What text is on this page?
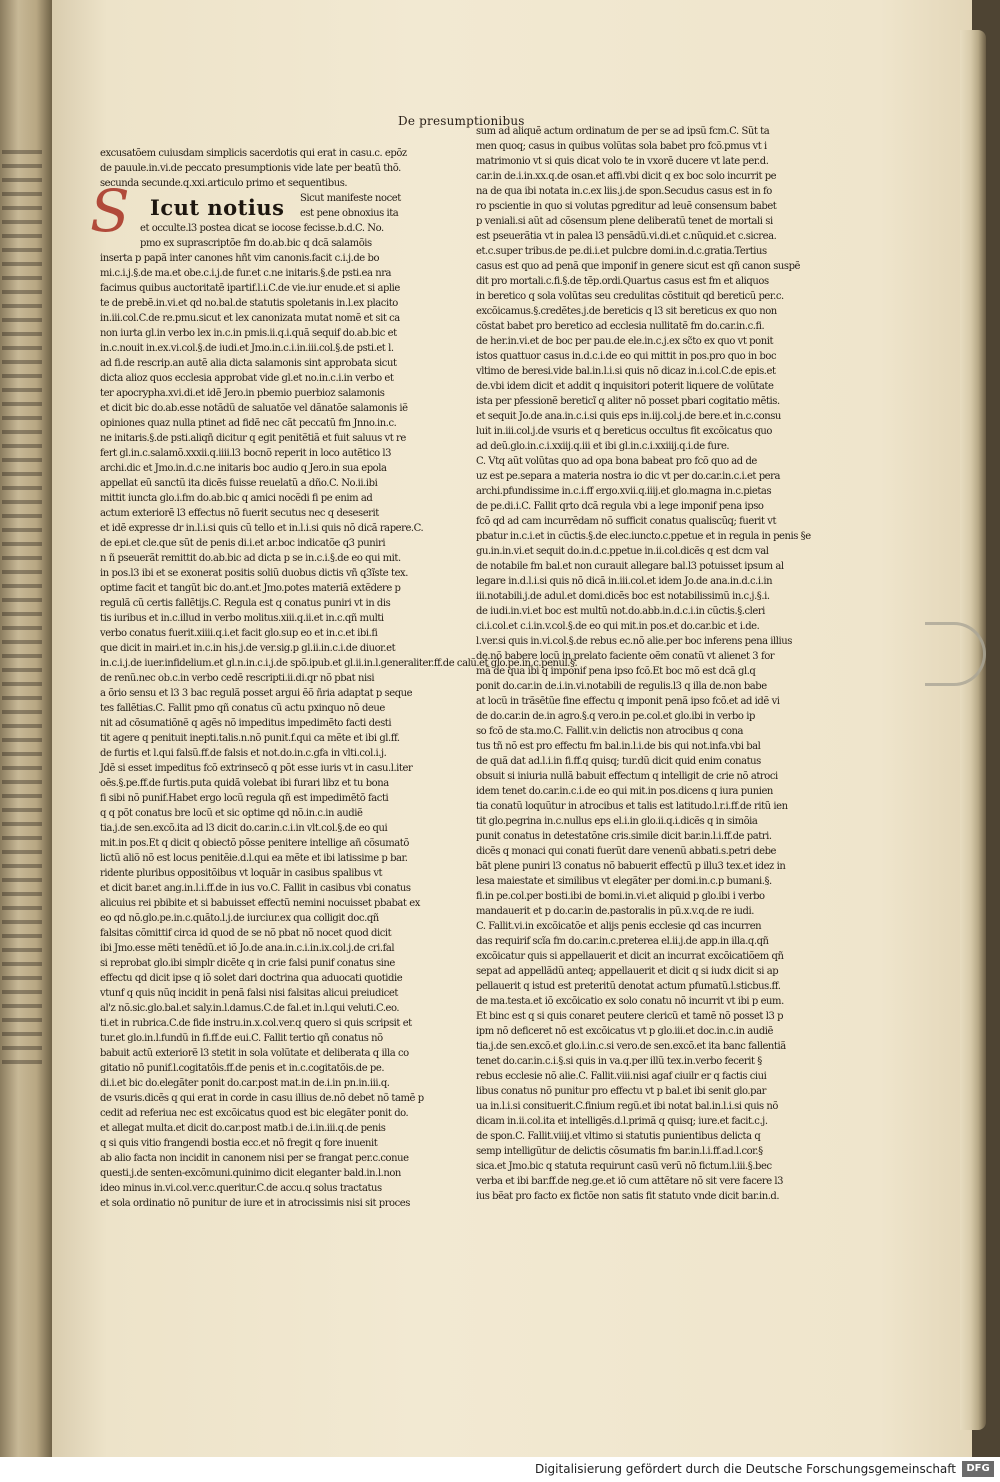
De presumptionibus
S Icut notius
excusatõem cuiusdam simplicis sacerdotis qui erat in casu.c. epõz
de pauule.in.vi.de peccato presumptionis vide late per beatũ thõ.
secunda secunde.q.xxi.articulo primo et sequentibus.
Sicut manifeste nocet
est pene obnoxius ita
et occulte.l3 postea dicat se iocose fecisse.b.d.C. No.
pmo ex suprascriptõe fm do.ab.bic q dcã salamõis
inserta p papã inter canones hñt vim canonis.facit c.i.j.de bo
mi.c.i.j.§.de ma.et obe.c.i.j.de fur.et c.ne initaris.§.de psti.ea nra
facimus quibus auctoritatẽ ipartif.l.i.C.de vie.iur enude.et si aplie
te de prebẽ.in.vi.et qd no.bal.de statutis spoletanis in.l.ex placito
in.iii.col.C.de re.pmu.sicut et lex canonizata mutat nomẽ et sit ca
non iurta gl.in verbo lex in.c.in pmis.ii.q.i.quã sequif do.ab.bic et
in.c.nouit in.ex.vi.col.§.de iudi.et Jmo.in.c.i.in.iii.col.§.de psti.et l.
ad fi.de rescrip.an autẽ alia dicta salamonis sint approbata sicut
dicta alioz quos ecclesia approbat vide gl.et no.in.c.i.in verbo et
ter apocrypha.xvi.di.et idẽ Jero.in pbemio puerbioz salamonis
et dicit bic do.ab.esse notãdũ de saluatõe vel dãnatõe salamonis iẽ
opiniones quaz nulla ptinet ad fidẽ nec cãt peccatũ fm Jnno.in.c.
ne initaris.§.de psti.aliqñ dicitur q egit penitẽtiã et fuit saluus vt re
fert gl.in.c.salamõ.xxxii.q.iiii.l3 bocnõ reperit in loco autẽtico l3
archi.dic et Jmo.in.d.c.ne initaris boc audio q Jero.in sua epola
appellat eũ sanctũ ita dicẽs fuisse reuelatũ a dño.C. No.ii.ibi
mittit iuncta glo.i.fm do.ab.bic q amici nocẽdi fi pe enim ad
actum exteriorẽ l3 effectus nõ fuerit secutus nec q deseserit
et idẽ expresse dr in.l.i.si quis cũ tello et in.l.i.si quis nõ dicã rapere.C.
de epi.et cle.que sũt de penis di.i.et ar.boc indicatõe q3 puniri
n ñ pseuerãt remittit do.ab.bic ad dicta p se in.c.i.§.de eo qui mit.
in pos.l3 ibi et se exonerat positis soliũ duobus dictis vñ q3ĩste tex.
optime facit et tangũt bic do.ant.et Jmo.potes materiã extẽdere p
regulã cũ certis fallẽtijs.C. Regula est q conatus puniri vt in dis
tis iuribus et in.c.illud in verbo molitus.xiii.q.ii.et in.c.qñ multi
verbo conatus fuerit.xiiii.q.i.et facit glo.sup eo et in.c.et ibi.fi
que dicit in mairi.et in.c.in his.j.de ver.sig.p gl.ii.in.c.i.de diuor.et
in.c.i.j.de iuer.infidelium.et gl.n.in.c.i.j.de spõ.ipub.et gl.ii.in.l.generaliter.ff.de calũ.et glo.pe.in.c.penul.§.
de renũ.nec ob.c.in verbo cedẽ rescripti.ii.di.qr nõ pbat nisi
a õrio sensu et l3 3 bac regulã posset argui ẽõ ñria adaptat p seque
tes fallẽtias.C. Fallit pmo qñ conatus cũ actu pxinquo nõ deue
nit ad cõsumatiõnẽ q agẽs nõ impeditus impedimẽto facti desti
tit agere q penituit inepti.talis.n.nõ punit.f.qui ca mẽte et ibi gl.ff.
de furtis et l.qui falsũ.ff.de falsis et not.do.in.c.gfa in vlti.col.i.j.
Jdẽ si esset impeditus fcõ extrinsecõ q põt esse iuris vt in casu.l.iter
oẽs.§.pe.ff.de furtis.puta quidã volebat ibi furari libz et tu bona
fi sibi nõ punif.Habet ergo locũ regula qñ est impedimẽtõ facti
q q põt conatus bre locũ et sic optime qd nõ.in.c.in audiẽ
tia.j.de sen.excõ.ita ad l3 dicit do.car.in.c.i.in vlt.col.§.de eo qui
mit.in pos.Et q dicit q obiectõ põsse penitere intellige añ cõsumatõ
lictũ aliõ nõ est locus penitẽie.d.l.qui ea mẽte et ibi latissime p bar.
ridente pluribus oppositõibus vt loquãr in casibus spalibus vt
et dicit bar.et ang.in.l.i.ff.de in ius vo.C. Fallit in casibus vbi conatus
alicuius rei pbibite et si babuisset effectũ nemini nocuisset pbabat ex
eo qd nõ.glo.pe.in.c.quãto.l.j.de iurciur.ex qua colligit doc.qñ
falsitas cõmittif circa id quod de se nõ pbat nõ nocet quod dicit
ibi Jmo.esse mẽti tenẽdũ.et iõ Jo.de ana.in.c.i.in.ix.col.j.de cri.fal
si reprobat glo.ibi simplr dicẽte q in crie falsi punif conatus sine
effectu qd dicit ipse q iõ solet dari doctrina qua aduocati quotidie
vtunf q quis nũq incidit in penã falsi nisi falsitas alicui preiudicet
al'z nõ.sic.glo.bal.et saly.in.l.damus.C.de fal.et in.l.qui veluti.C.eo.
ti.et in rubrica.C.de fide instru.in.x.col.ver.q quero si quis scripsit et
tur.et glo.in.l.fundũ in fi.ff.de eui.C. Fallit tertio qñ conatus nõ
babuit actũ exteriorẽ l3 stetit in sola volũtate et deliberata q illa co
gitatio nõ punif.l.cogitatõis.ff.de penis et in.c.cogitatõis.de pe.
di.i.et bic do.elegãter ponit do.car.post mat.in de.i.in pn.in.iii.q.
de vsuris.dicẽs q qui erat in corde in casu illius de.nõ debet nõ tamẽ p
cedit ad referiua nec est excõicatus quod est bic elegãter ponit do.
et allegat multa.et dicit do.car.post matb.i de.i.in.iii.q.de penis
q si quis vitio frangendi bostia ecc.et nõ fregit q fore inuenit
ab alio facta non incidit in canonem nisi per se frangat per.c.conue
questi.j.de senten-excõmuni.quinimo dicit eleganter bald.in.l.non
ideo minus in.vi.col.ver.c.queritur.C.de accu.q solus tractatus
et sola ordinatio nõ punitur de iure et in atrocissimis nisi sit proces
sum ad aliquẽ actum ordinatum de per se ad ipsũ fcm.C. Sũt ta
men quoq; casus in quibus volũtas sola babet pro fcõ.pmus vt i
matrimonio vt si quis dicat volo te in vxorẽ ducere vt late per.d.
car.in de.i.in.xx.q.de osan.et affi.vbi dicit q ex boc solo incurrit pe
na de qua ibi notata in.c.ex liis.j.de spon.Secudus casus est in fo
ro pscientie in quo si volutas pgreditur ad leuẽ consensum babet
p veniali.si aũt ad cõsensum plene deliberatũ tenet de mortali si
est pseuerãtia vt in palea l3 pensãdũ.vi.di.et c.nũquid.et c.sicrea.
et.c.super tribus.de pe.di.i.et pulcbre domi.in.d.c.gratia.Tertius
casus est quo ad penã que imponif in genere sicut est qñ canon suspẽ
dit pro mortali.c.fi.§.de tẽp.ordi.Quartus casus est fm et aliquos
in beretico q sola volũtas seu credulitas cõstituit qd bereticũ per.c.
excõicamus.§.credẽtes.j.de bereticis q l3 sit bereticus ex quo non
cõstat babet pro beretico ad ecclesia nullitatẽ fm do.car.in.c.fi.
de her.in.vi.et de boc per pau.de ele.in.c.j.ex sc̃to ex quo vt ponit
istos quattuor casus in.d.c.i.de eo qui mittit in pos.pro quo in boc
vltimo de beresi.vide bal.in.l.i.si quis nõ dicaz in.i.col.C.de epis.et
de.vbi idem dicit et addit q inquisitori poterit liquere de volũtate
ista per pfessionẽ bereticĩ q aliter nõ posset pbari cogitatio mẽtis.
et sequit Jo.de ana.in.c.i.si quis eps in.iij.col.j.de bere.et in.c.consu
luit in.iii.col.j.de vsuris et q bereticus occultus fit excõicatus quo
ad deũ.glo.in.c.i.xxiij.q.iii et ibi gl.in.c.i.xxiiij.q.i.de fure.
C. Vtq aũt volũtas quo ad opa bona babeat pro fcõ quo ad de
uz est pe.separa a materia nostra io dic vt per do.car.in.c.i.et pera
archi.pfundissime in.c.i.ff ergo.xvii.q.iiij.et glo.magna in.c.pietas
de pe.di.i.C. Fallit qrto dcã regula vbi a lege imponif pena ipso
fcõ qd ad cam incurrẽdam nõ sufficit conatus qualiscũq; fuerit vt
pbatur in.c.i.et in cũctis.§.de elec.iuncto.c.ppetue et in regula in penis §e
gu.in.in.vi.et sequit do.in.d.c.ppetue in.ii.col.dicẽs q est dcm val
de notabile fm bal.et non curauit allegare bal.l3 potuisset ipsum al
legare in.d.l.i.si quis nõ dicã in.iii.col.et idem Jo.de ana.in.d.c.i.in
iii.notabili.j.de adul.et domi.dicẽs boc est notabilissimũ in.c.j.§.i.
de iudi.in.vi.et boc est multũ not.do.abb.in.d.c.i.in cũctis.§.cleri
ci.i.col.et c.i.in.v.col.§.de eo qui mit.in pos.et do.car.bic et i.de.
l.ver.si quis in.vi.col.§.de rebus ec.nõ alie.per boc inferens pena illius
de.nõ babere locũ in prelato faciente oẽm conatũ vt alienet 3 for
mã de qua ibi q imponif pena ipso fcõ.Et boc mõ est dcã gl.q
ponit do.car.in de.i.in.vi.notabili de regulis.l3 q illa de.non babe
at locũ in trãsẽtũe fine effectu q imponit penã ipso fcõ.et ad idẽ vi
de do.car.in de.in agro.§.q vero.in pe.col.et glo.ibi in verbo ip
so fcõ de sta.mo.C. Fallit.v.in delictis non atrocibus q cona
tus tñ nõ est pro effectu fm bal.in.l.i.de bis qui not.infa.vbi bal
de quã dat ad.l.i.in fi.ff.q quisq; tur.dũ dicit quid enim conatus
obsuit si iniuria nullã babuit effectum q intelligit de crie nõ atroci
idem tenet do.car.in.c.i.de eo qui mit.in pos.dicens q iura punien
tia conatũ loquũtur in atrocibus et talis est latitudo.l.r.i.ff.de ritũ ien
tit glo.pegrina in.c.nullus eps el.i.in glo.ii.q.i.dicẽs q in simõia
punit conatus in detestatõne cris.simile dicit bar.in.l.i.ff.de patri.
dicẽs q monaci qui conati fuerũt dare venenũ abbati.s.petri debe
bãt plene puniri l3 conatus nõ babuerit effectũ p illu3 tex.et idez in
lesa maiestate et similibus vt elegãter per domi.in.c.p bumani.§.
fi.in pe.col.per bosti.ibi de bomi.in.vi.et aliquid p glo.ibi i verbo
mandauerit et p do.car.in de.pastoralis in pũ.x.v.q.de re iudi.
C. Fallit.vi.in excõicatõe et alijs penis ecclesie qd cas incurren
das requirif scĩa fm do.car.in.c.preterea el.ii.j.de app.in illa.q.qñ
excõicatur quis si appellauerit et dicit an incurrat excõicatiõem qñ
sepat ad appellãdũ anteq; appellauerit et dicit q si iudx dicit si ap
pellauerit q istud est preteritũ denotat actum pfumatũ.l.sticbus.ff.
de ma.testa.et iõ excõicatio ex solo conatu nõ incurrit vt ibi p eum.
Et binc est q si quis conaret peutere clericũ et tamẽ nõ posset l3 p
ipm nõ deficeret nõ est excõicatus vt p glo.iii.et doc.in.c.in audiẽ
tia.j.de sen.excõ.et glo.i.in.c.si vero.de sen.excõ.et ita banc fallentiã
tenet do.car.in.c.i.§.si quis in va.q.per illũ tex.in.verbo fecerit §
rebus ecclesie nõ alie.C. Fallit.viii.nisi agaf ciuilr er q factis ciui
libus conatus nõ punitur pro effectu vt p bal.et ibi senit glo.par
ua in.l.i.si consituerit.C.finium regũ.et ibi notat bal.in.l.i.si quis nõ
dicam in.ii.col.ita et intelligẽs.d.l.primã q quisq; iure.et facit.c.j.
de spon.C. Fallit.viiij.et vltimo si statutis punientibus delicta q
semp intelligũtur de delictis cõsumatis fm bar.in.l.i.ff.ad.l.cor.§
sica.et Jmo.bic q statuta requirunt casũ verũ nõ fictum.l.iii.§.bec
verba et ibi bar.ff.de neg.ge.et iõ cum attẽtare nõ sit vere facere l3
ius bẽat pro facto ex fictõe non satis fit statuto vnde dicit bar.in.d.
Digitalisierung gefördert durch die Deutsche Forschungsgemeinschaft	DFG
